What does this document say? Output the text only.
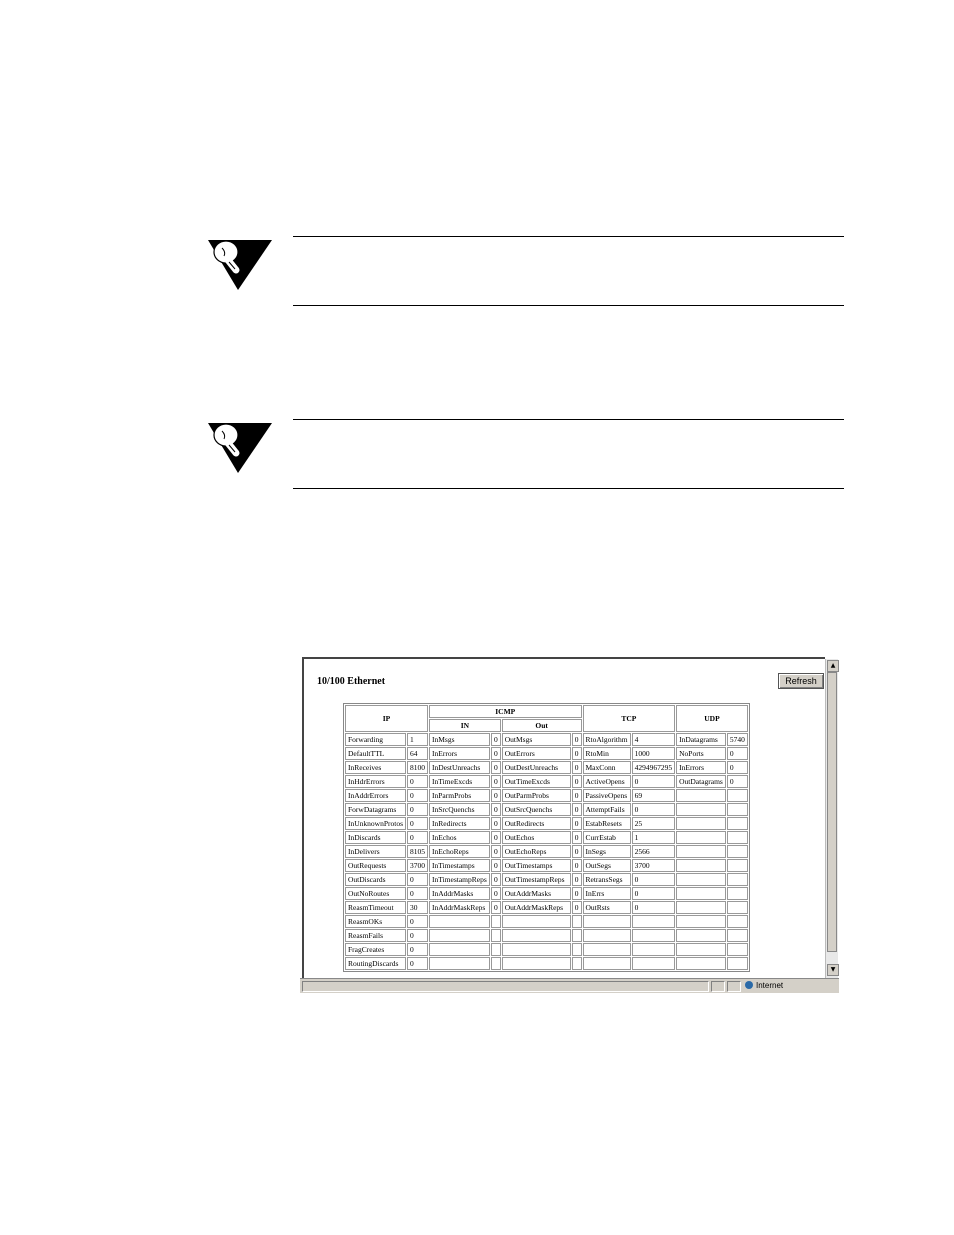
10/100 Ethernet	Refresh
IP		ICMP				TCP		UDP	
		IN		Out					
Forwarding	1	InMsgs	0	OutMsgs	0	RtoAlgorithm	4	InDatagrams	5740
DefaultTTL	64	InErrors	0	OutErrors	0	RtoMin	1000	NoPorts	0
InReceives	8100	InDestUnreachs	0	OutDestUnreachs	0	MaxConn	4294967295	InErrors	0
InHdrErrors	0	InTimeExcds	0	OutTimeExcds	0	ActiveOpens	0	OutDatagrams	0
InAddrErrors	0	InParmProbs	0	OutParmProbs	0	PassiveOpens	69		
ForwDatagrams	0	InSrcQuenchs	0	OutSrcQuenchs	0	AttemptFails	0		
InUnknownProtos	0	InRedirects	0	OutRedirects	0	EstabResets	25		
InDiscards	0	InEchos	0	OutEchos	0	CurrEstab	1		
InDelivers	8105	InEchoReps	0	OutEchoReps	0	InSegs	2566		
OutRequests	3700	InTimestamps	0	OutTimestamps	0	OutSegs	3700		
OutDiscards	0	InTimestampReps	0	OutTimestampReps	0	RetransSegs	0		
OutNoRoutes	0	InAddrMasks	0	OutAddrMasks	0	InErrs	0		
ReasmTimeout	30	InAddrMaskReps	0	OutAddrMaskReps	0	OutRsts	0		
ReasmOKs	0								
ReasmFails	0								
FragCreates	0								
RoutingDiscards	0								
▲
▼
Internet
